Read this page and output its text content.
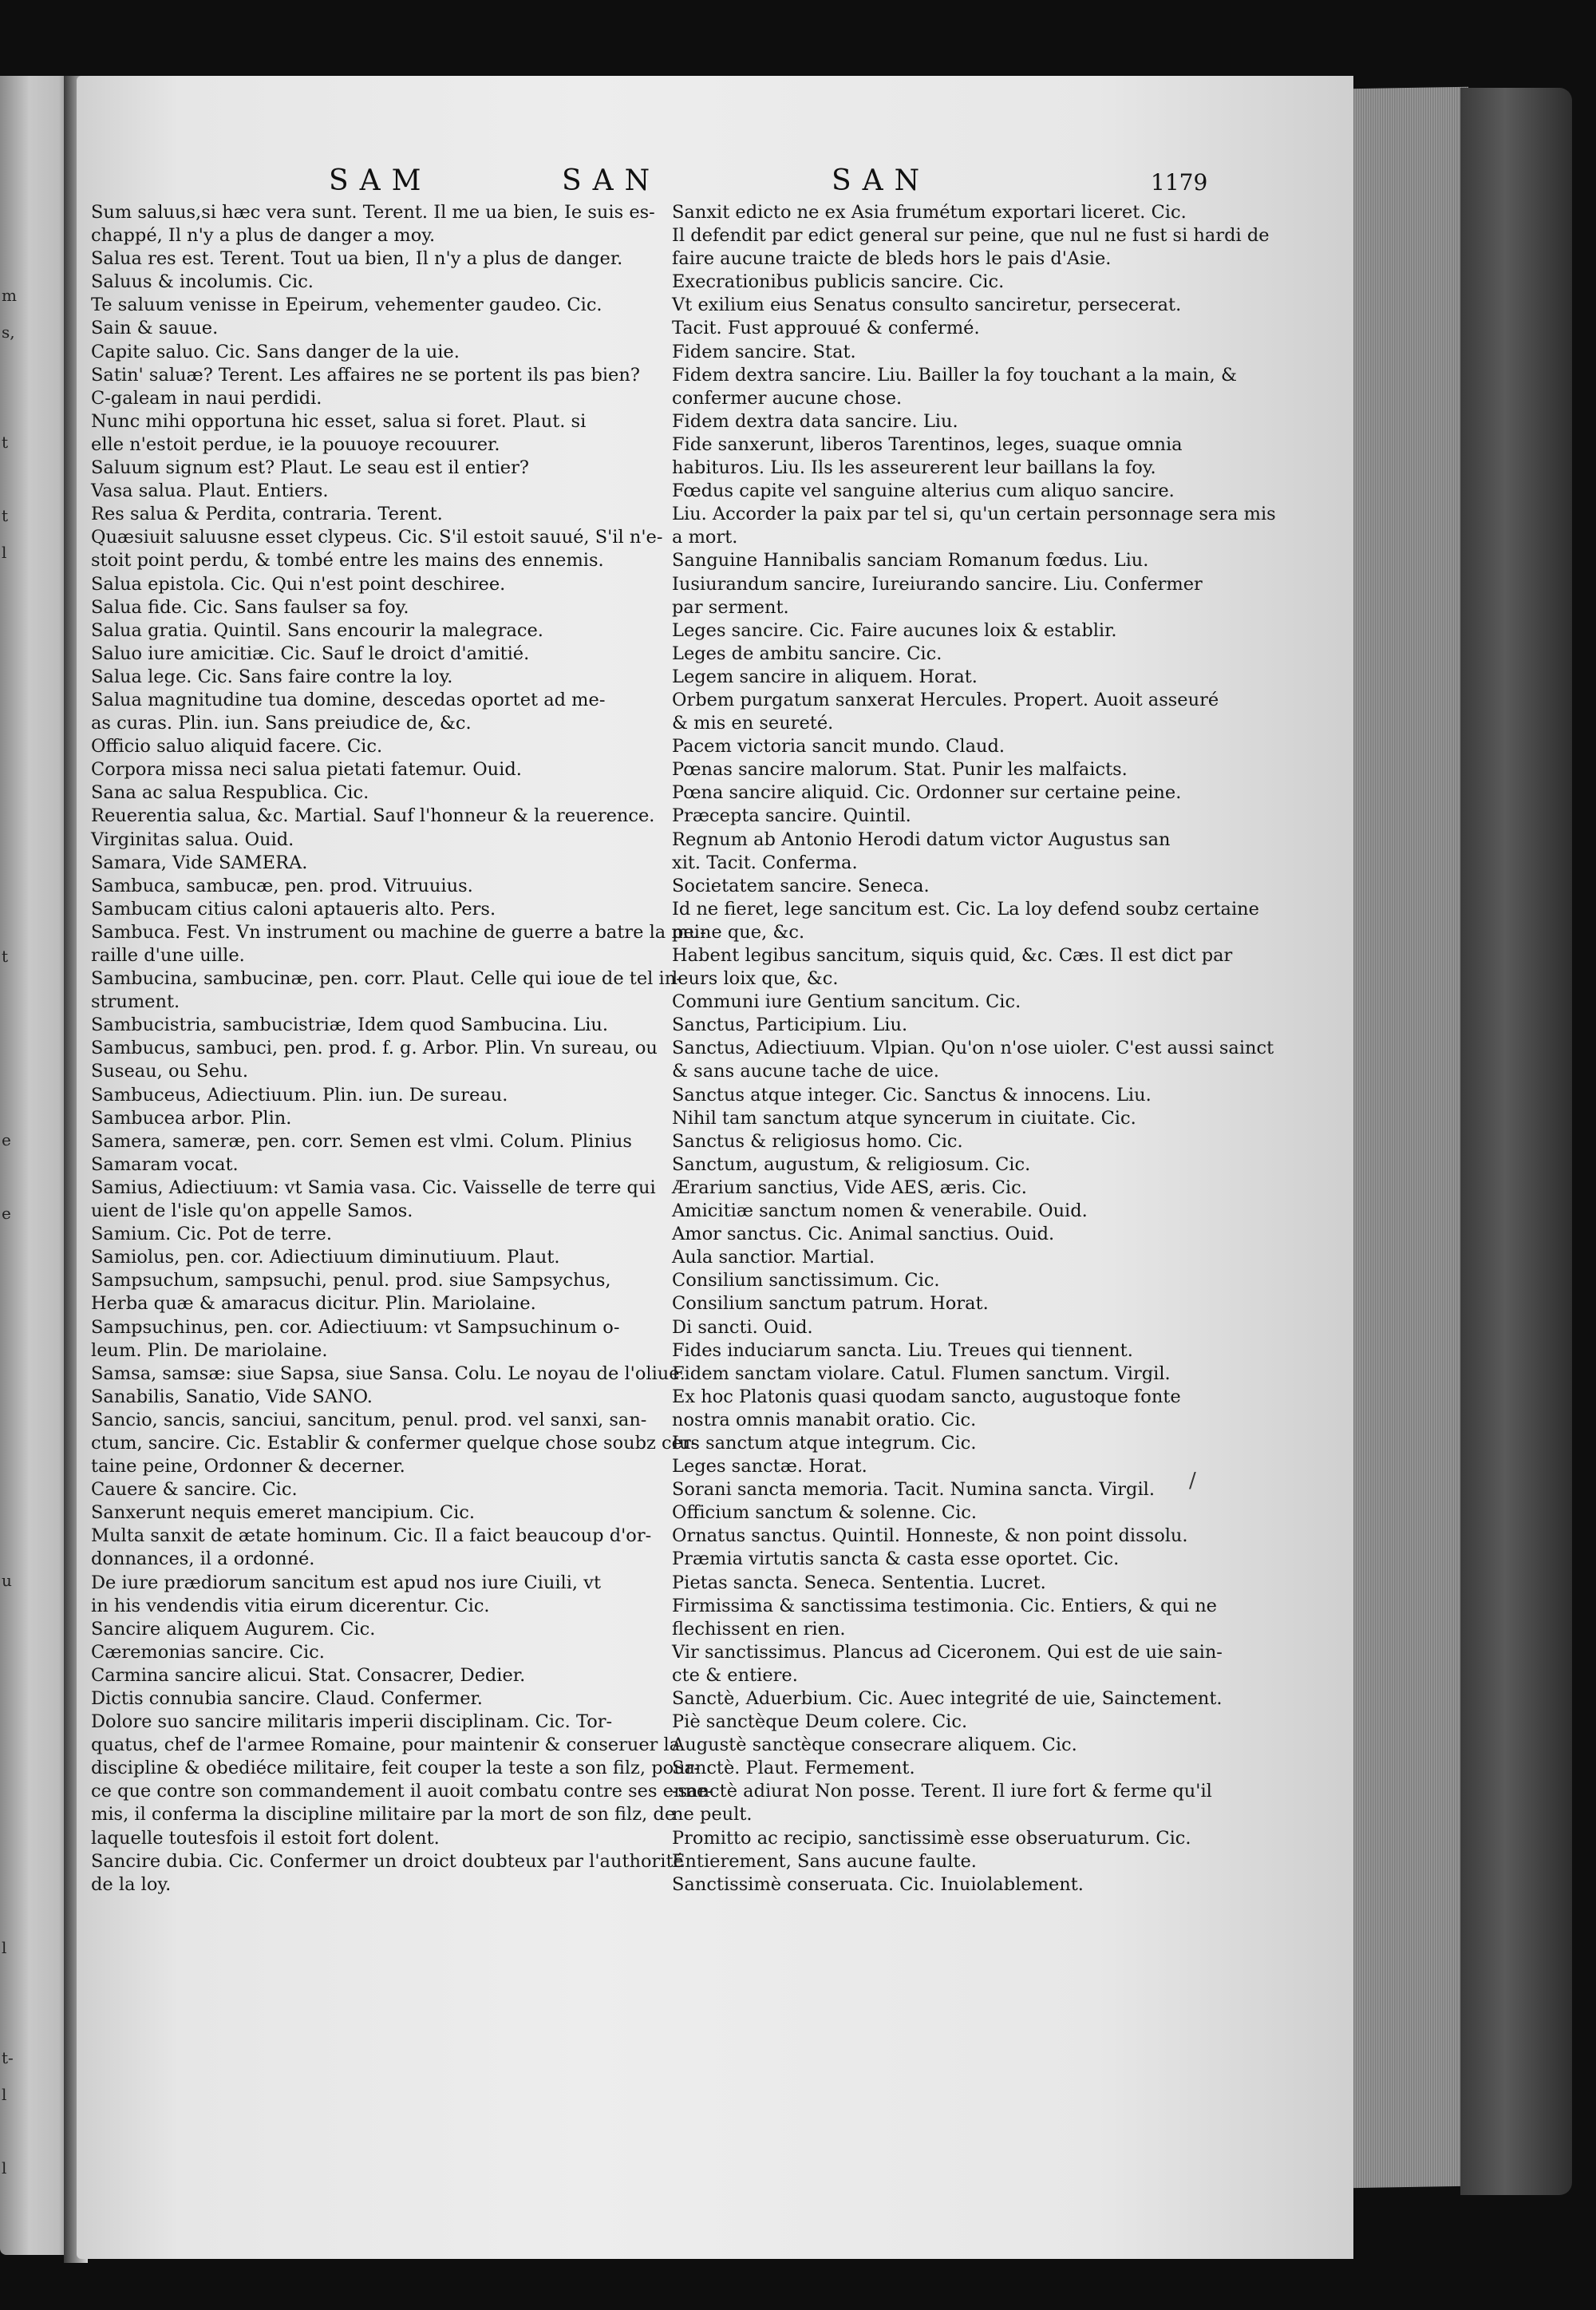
m
s,

t

t
l

t

e

e

u

l

t-
l

l
SAM	SAN	SAN	1179
Sum saluus,si hæc vera sunt. Terent. Il me ua bien, Ie suis es-
chappé, Il n'y a plus de danger a moy.
Salua res est. Terent. Tout ua bien, Il n'y a plus de danger.
Saluus & incolumis. Cic.
Te saluum venisse in Epeirum, vehementer gaudeo. Cic.
Sain & sauue.
Capite saluo. Cic. Sans danger de la uie.
Satin' saluæ? Terent. Les affaires ne se portent ils pas bien?
C-galeam in naui perdidi.
Nunc mihi opportuna hic esset, salua si foret. Plaut. si
elle n'estoit perdue, ie la pouuoye recouurer.
Saluum signum est? Plaut. Le seau est il entier?
Vasa salua. Plaut. Entiers.
Res salua & Perdita, contraria. Terent.
Quæsiuit saluusne esset clypeus. Cic. S'il estoit sauué, S'il n'e-
stoit point perdu, & tombé entre les mains des ennemis.
Salua epistola. Cic. Qui n'est point deschiree.
Salua fide. Cic. Sans faulser sa foy.
Salua gratia. Quintil. Sans encourir la malegrace.
Saluo iure amicitiæ. Cic. Sauf le droict d'amitié.
Salua lege. Cic. Sans faire contre la loy.
Salua magnitudine tua domine, descedas oportet ad me-
as curas. Plin. iun. Sans preiudice de, &c.
Officio saluo aliquid facere. Cic.
Corpora missa neci salua pietati fatemur. Ouid.
Sana ac salua Respublica. Cic.
Reuerentia salua, &c. Martial. Sauf l'honneur & la reuerence.
Virginitas salua. Ouid.
Samara, Vide SAMERA.
Sambuca, sambucæ, pen. prod. Vitruuius.
Sambucam citius caloni aptaueris alto. Pers.
Sambuca. Fest. Vn instrument ou machine de guerre a batre la mu-
raille d'une uille.
Sambucina, sambucinæ, pen. corr. Plaut. Celle qui ioue de tel in-
strument.
Sambucistria, sambucistriæ, Idem quod Sambucina. Liu.
Sambucus, sambuci, pen. prod. f. g. Arbor. Plin. Vn sureau, ou
Suseau, ou Sehu.
Sambuceus, Adiectiuum. Plin. iun. De sureau.
Sambucea arbor. Plin.
Samera, sameræ, pen. corr. Semen est vlmi. Colum. Plinius
Samaram vocat.
Samius, Adiectiuum: vt Samia vasa. Cic. Vaisselle de terre qui
uient de l'isle qu'on appelle Samos.
Samium. Cic. Pot de terre.
Samiolus, pen. cor. Adiectiuum diminutiuum. Plaut.
Sampsuchum, sampsuchi, penul. prod. siue Sampsychus,
Herba quæ & amaracus dicitur. Plin. Mariolaine.
Sampsuchinus, pen. cor. Adiectiuum: vt Sampsuchinum o-
leum. Plin. De mariolaine.
Samsa, samsæ: siue Sapsa, siue Sansa. Colu. Le noyau de l'oliue.
Sanabilis, Sanatio, Vide SANO.
Sancio, sancis, sanciui, sancitum, penul. prod. vel sanxi, san-
ctum, sancire. Cic. Establir & confermer quelque chose soubz cer-
taine peine, Ordonner & decerner.
Cauere & sancire. Cic.
Sanxerunt nequis emeret mancipium. Cic.
Multa sanxit de ætate hominum. Cic. Il a faict beaucoup d'or-
donnances, il a ordonné.
De iure prædiorum sancitum est apud nos iure Ciuili, vt
in his vendendis vitia eirum dicerentur. Cic.
Sancire aliquem Augurem. Cic.
Cæremonias sancire. Cic.
Carmina sancire alicui. Stat. Consacrer, Dedier.
Dictis connubia sancire. Claud. Confermer.
Dolore suo sancire militaris imperii disciplinam. Cic. Tor-
quatus, chef de l'armee Romaine, pour maintenir & conseruer la
discipline & obediéce militaire, feit couper la teste a son filz, pour-
ce que contre son commandement il auoit combatu contre ses enne-
mis, il conferma la discipline militaire par la mort de son filz, de
laquelle toutesfois il estoit fort dolent.
Sancire dubia. Cic. Confermer un droict doubteux par l'authorité
de la loy.
Sanxit edicto ne ex Asia frumétum exportari liceret. Cic.
Il defendit par edict general sur peine, que nul ne fust si hardi de
faire aucune traicte de bleds hors le pais d'Asie.
Execrationibus publicis sancire. Cic.
Vt exilium eius Senatus consulto sanciretur, persecerat.
Tacit. Fust approuué & confermé.
Fidem sancire. Stat.
Fidem dextra sancire. Liu. Bailler la foy touchant a la main, &
confermer aucune chose.
Fidem dextra data sancire. Liu.
Fide sanxerunt, liberos Tarentinos, leges, suaque omnia
habituros. Liu. Ils les asseurerent leur baillans la foy.
Fœdus capite vel sanguine alterius cum aliquo sancire.
Liu. Accorder la paix par tel si, qu'un certain personnage sera mis
a mort.
Sanguine Hannibalis sanciam Romanum fœdus. Liu.
Iusiurandum sancire, Iureiurando sancire. Liu. Confermer
par serment.
Leges sancire. Cic. Faire aucunes loix & establir.
Leges de ambitu sancire. Cic.
Legem sancire in aliquem. Horat.
Orbem purgatum sanxerat Hercules. Propert. Auoit asseuré
& mis en seureté.
Pacem victoria sancit mundo. Claud.
Pœnas sancire malorum. Stat. Punir les malfaicts.
Pœna sancire aliquid. Cic. Ordonner sur certaine peine.
Præcepta sancire. Quintil.
Regnum ab Antonio Herodi datum victor Augustus san
xit. Tacit. Conferma.
Societatem sancire. Seneca.
Id ne fieret, lege sancitum est. Cic. La loy defend soubz certaine
peine que, &c.
Habent legibus sancitum, siquis quid, &c. Cæs. Il est dict par
leurs loix que, &c.
Communi iure Gentium sancitum. Cic.
Sanctus, Participium. Liu.
Sanctus, Adiectiuum. Vlpian. Qu'on n'ose uioler. C'est aussi sainct
& sans aucune tache de uice.
Sanctus atque integer. Cic. Sanctus & innocens. Liu.
Nihil tam sanctum atque syncerum in ciuitate. Cic.
Sanctus & religiosus homo. Cic.
Sanctum, augustum, & religiosum. Cic.
Ærarium sanctius, Vide AES, æris. Cic.
Amicitiæ sanctum nomen & venerabile. Ouid.
Amor sanctus. Cic. Animal sanctius. Ouid.
Aula sanctior. Martial.
Consilium sanctissimum. Cic.
Consilium sanctum patrum. Horat.
Di sancti. Ouid.
Fides induciarum sancta. Liu. Treues qui tiennent.
Fidem sanctam violare. Catul. Flumen sanctum. Virgil.
Ex hoc Platonis quasi quodam sancto, augustoque fonte
nostra omnis manabit oratio. Cic.
Ius sanctum atque integrum. Cic.
Leges sanctæ. Horat.
Sorani sancta memoria. Tacit. Numina sancta. Virgil.
Officium sanctum & solenne. Cic.
Ornatus sanctus. Quintil. Honneste, & non point dissolu.
Præmia virtutis sancta & casta esse oportet. Cic.
Pietas sancta. Seneca. Sententia. Lucret.
Firmissima & sanctissima testimonia. Cic. Entiers, & qui ne
flechissent en rien.
Vir sanctissimus. Plancus ad Ciceronem. Qui est de uie sain-
cte & entiere.
Sanctè, Aduerbium. Cic. Auec integrité de uie, Sainctement.
Piè sanctèque Deum colere. Cic.
Augustè sanctèque consecrare aliquem. Cic.
Sanctè. Plaut. Fermement.
-sanctè adiurat Non posse. Terent. Il iure fort & ferme qu'il
ne peult.
Promitto ac recipio, sanctissimè esse obseruaturum. Cic.
Entierement, Sans aucune faulte.
Sanctissimè conseruata. Cic. Inuiolablement.
/
